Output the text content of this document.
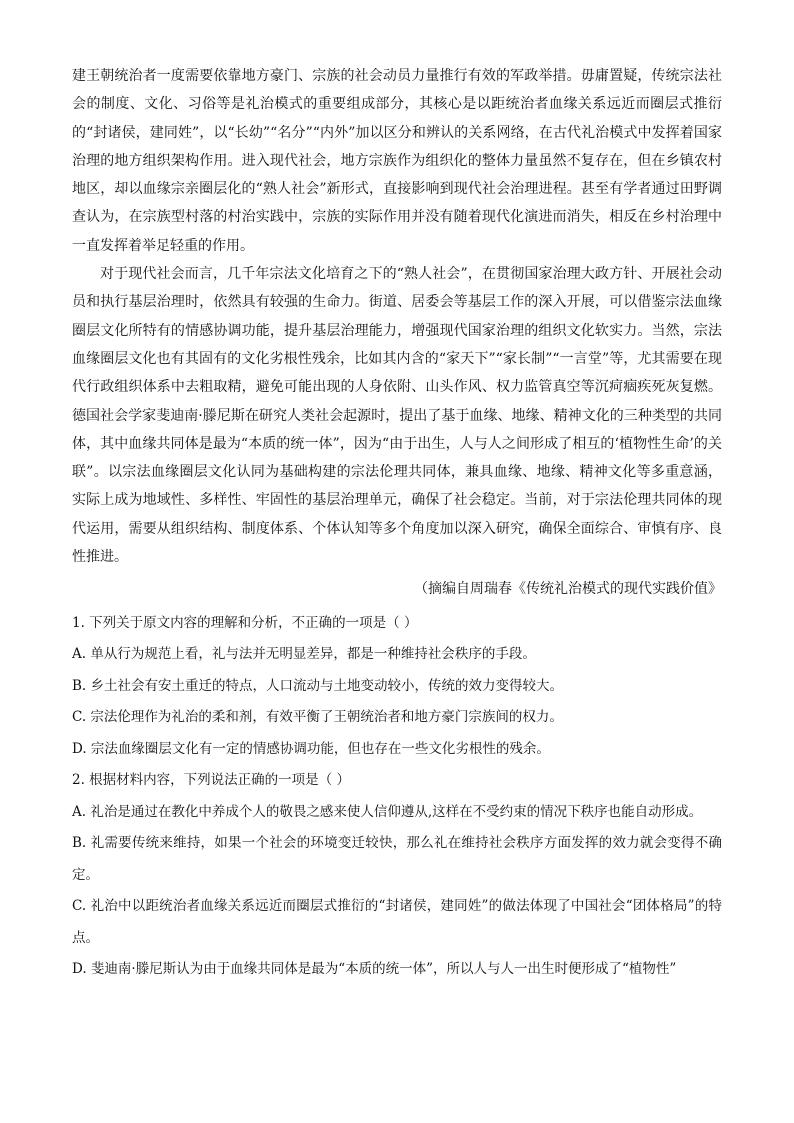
建王朝统治者一度需要依靠地方豪门、宗族的社会动员力量推行有效的军政举措。毋庸置疑，传统宗法社会的制度、文化、习俗等是礼治模式的重要组成部分，其核心是以距统治者血缘关系远近而圈层式推衍的“封诸侯，建同姓”，以“长幼”“名分”“内外”加以区分和辨认的关系网络，在古代礼治模式中发挥着国家治理的地方组织架构作用。进入现代社会，地方宗族作为组织化的整体力量虽然不复存在，但在乡镇农村地区，却以血缘宗亲圈层化的“熟人社会”新形式，直接影响到现代社会治理进程。甚至有学者通过田野调查认为，在宗族型村落的村治实践中，宗族的实际作用并没有随着现代化演进而消失，相反在乡村治理中一直发挥着举足轻重的作用。

对于现代社会而言，几千年宗法文化培育之下的“熟人社会”，在贯彻国家治理大政方针、开展社会动员和执行基层治理时，依然具有较强的生命力。街道、居委会等基层工作的深入开展，可以借鉴宗法血缘圈层文化所特有的情感协调功能，提升基层治理能力，增强现代国家治理的组织文化软实力。当然，宗法血缘圈层文化也有其固有的文化劣根性残余，比如其内含的“家天下”“家长制”“一言堂”等，尤其需要在现代行政组织体系中去粗取精，避免可能出现的人身依附、山头作风、权力监管真空等沉疴痼疾死灰复燃。德国社会学家斐迪南·滕尼斯在研究人类社会起源时，提出了基于血缘、地缘、精神文化的三种类型的共同体，其中血缘共同体是最为“本质的统一体”，因为“由于出生，人与人之间形成了相互的‘植物性生命’的关联”。以宗法血缘圈层文化认同为基础构建的宗法伦理共同体，兼具血缘、地缘、精神文化等多重意涵，实际上成为地域性、多样性、牢固性的基层治理单元，确保了社会稳定。当前，对于宗法伦理共同体的现代运用，需要从组织结构、制度体系、个体认知等多个角度加以深入研究，确保全面综合、审慎有序、良性推进。

（摘编自周瑞春《传统礼治模式的现代实践价值》

1. 下列关于原文内容的理解和分析，不正确的一项是（ ）

A. 单从行为规范上看，礼与法并无明显差异，都是一种维持社会秩序的手段。

B. 乡土社会有安土重迁的特点，人口流动与土地变动较小，传统的效力变得较大。

C. 宗法伦理作为礼治的柔和剂，有效平衡了王朝统治者和地方豪门宗族间的权力。

D. 宗法血缘圈层文化有一定的情感协调功能，但也存在一些文化劣根性的残余。

2. 根据材料内容，下列说法正确的一项是（ ）

A. 礼治是通过在教化中养成个人的敬畏之感来使人信仰遵从,这样在不受约束的情况下秩序也能自动形成。

B. 礼需要传统来维持，如果一个社会的环境变迁较快，那么礼在维持社会秩序方面发挥的效力就会变得不确定。

C. 礼治中以距统治者血缘关系远近而圈层式推衍的“封诸侯，建同姓”的做法体现了中国社会“团体格局”的特点。

D. 斐迪南·滕尼斯认为由于血缘共同体是最为“本质的统一体”，所以人与人一出生时便形成了“植物性”
